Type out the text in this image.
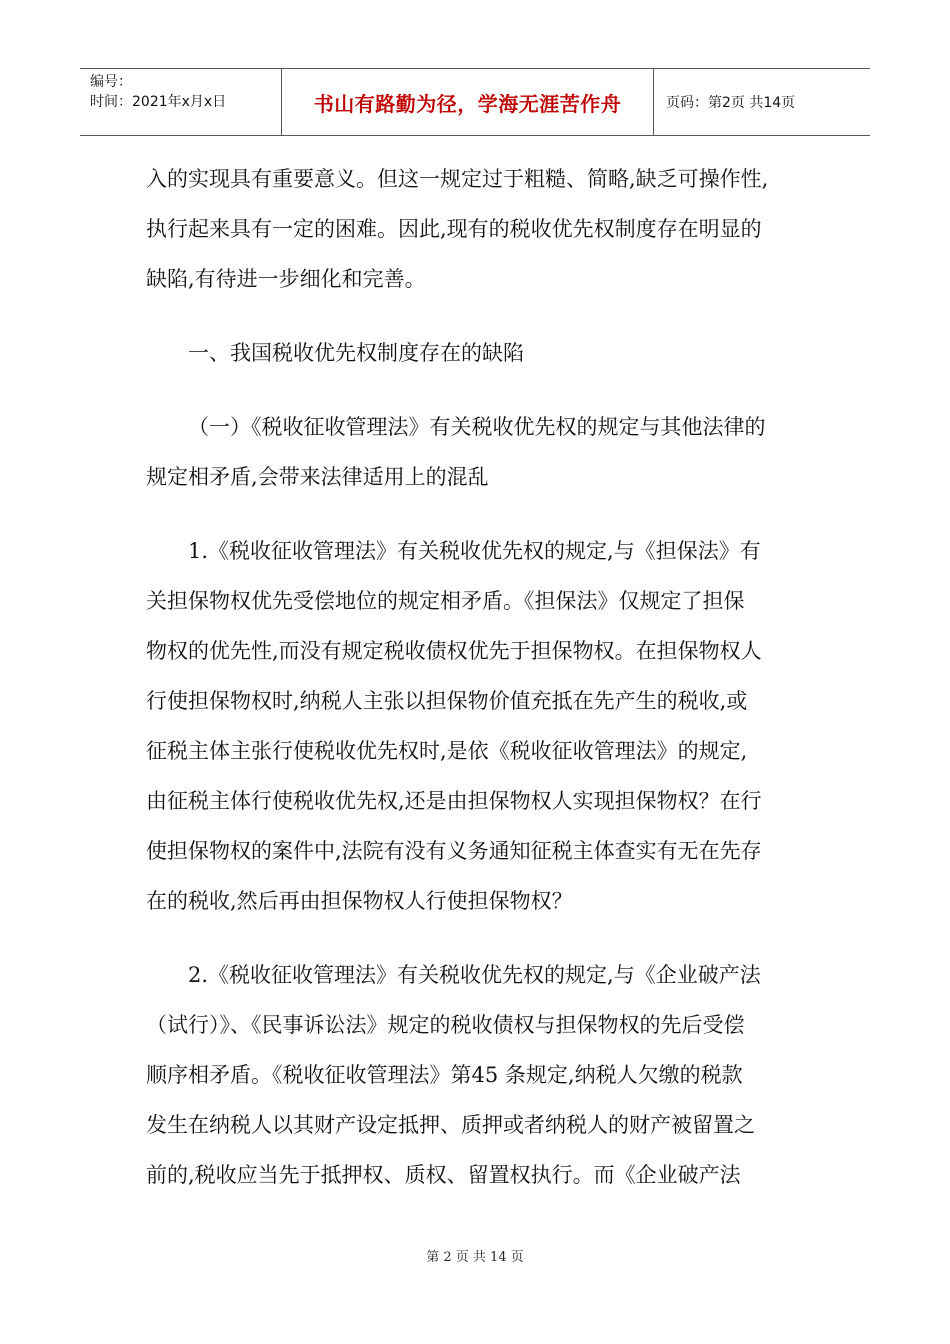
编号：
时间：2021年x月x日	书山有路勤为径，学海无涯苦作舟	页码：第2页 共14页

入的实现具有重要意义。但这一规定过于粗糙、简略,缺乏可操作性,
执行起来具有一定的困难。因此,现有的税收优先权制度存在明显的
缺陷,有待进一步细化和完善。

一、我国税收优先权制度存在的缺陷

（一）《税收征收管理法》有关税收优先权的规定与其他法律的
规定相矛盾,会带来法律适用上的混乱

1.《税收征收管理法》有关税收优先权的规定,与《担保法》有
关担保物权优先受偿地位的规定相矛盾。《担保法》仅规定了担保
物权的优先性,而没有规定税收债权优先于担保物权。在担保物权人
行使担保物权时,纳税人主张以担保物价值充抵在先产生的税收,或
征税主体主张行使税收优先权时,是依《税收征收管理法》的规定,
由征税主体行使税收优先权,还是由担保物权人实现担保物权？在行
使担保物权的案件中,法院有没有义务通知征税主体查实有无在先存
在的税收,然后再由担保物权人行使担保物权？

2.《税收征收管理法》有关税收优先权的规定,与《企业破产法
（试行）》、《民事诉讼法》规定的税收债权与担保物权的先后受偿
顺序相矛盾。《税收征收管理法》第45 条规定,纳税人欠缴的税款
发生在纳税人以其财产设定抵押、质押或者纳税人的财产被留置之
前的,税收应当先于抵押权、质权、留置权执行。而《企业破产法

第 2 页 共 14 页
